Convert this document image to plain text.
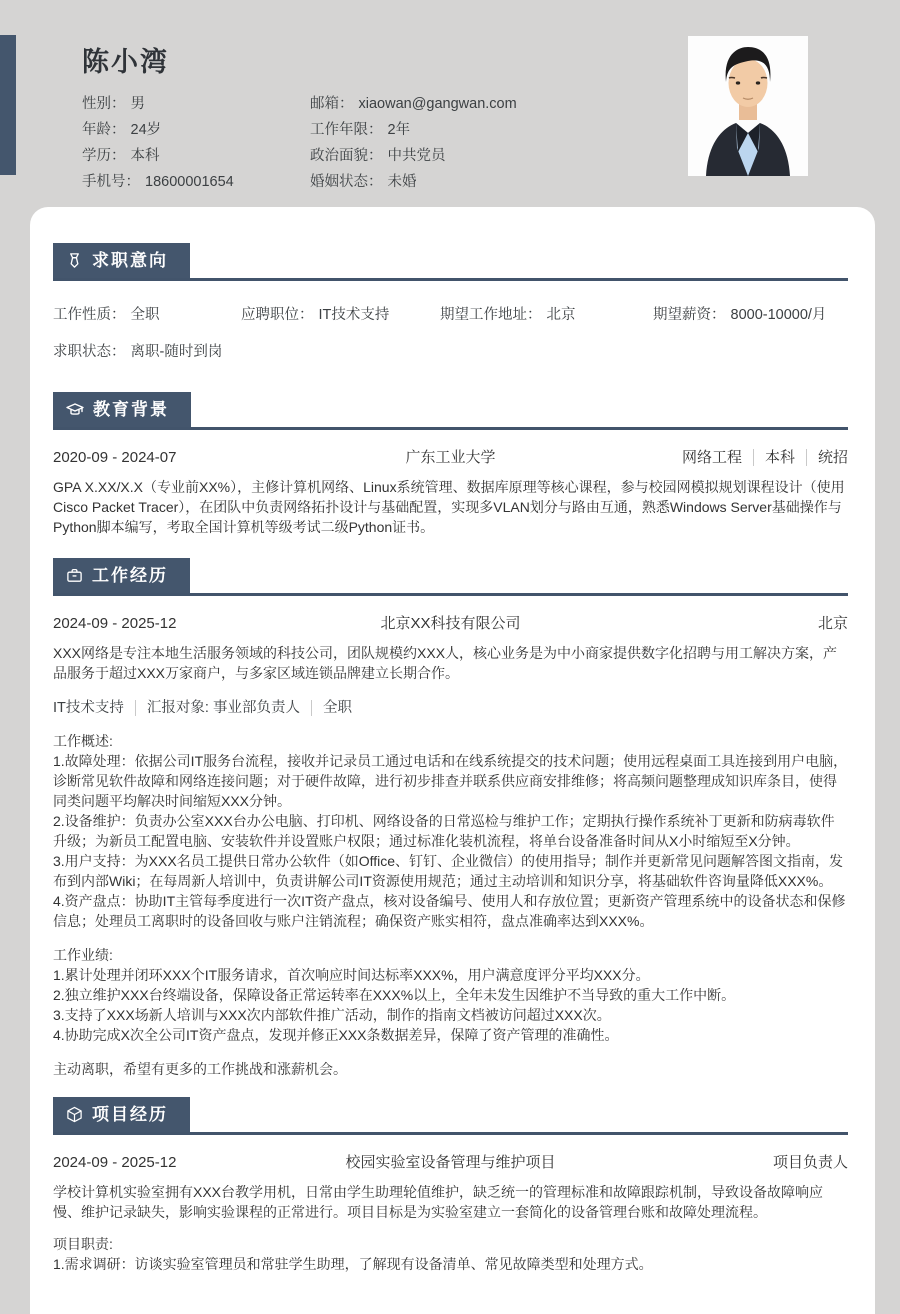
陈小湾
性别： 男	邮箱： xiaowan@gangwan.com
年龄： 24岁	工作年限： 2年
学历： 本科	政治面貌： 中共党员
手机号： 18600001654	婚姻状态： 未婚
求职意向
工作性质： 全职	应聘职位： IT技术支持	期望工作地址： 北京	期望薪资： 8000-10000/月
求职状态： 离职-随时到岗
教育背景
2020-09 - 2024-07	广东工业大学	网络工程 本科 统招
GPA X.XX/X.X（专业前XX%），主修计算机网络、Linux系统管理、数据库原理等核心课程，参与校园网模拟规划课程设计（使用Cisco Packet Tracer），在团队中负责网络拓扑设计与基础配置，实现多VLAN划分与路由互通，熟悉Windows Server基础操作与Python脚本编写，考取全国计算机等级考试二级Python证书。
工作经历
2024-09 - 2025-12	北京XX科技有限公司	北京
XXX网络是专注本地生活服务领域的科技公司，团队规模约XXX人，核心业务是为中小商家提供数字化招聘与用工解决方案，产品服务于超过XXX万家商户，与多家区域连锁品牌建立长期合作。
IT技术支持 汇报对象: 事业部负责人 全职
工作概述:
1.故障处理：依据公司IT服务台流程，接收并记录员工通过电话和在线系统提交的技术问题；使用远程桌面工具连接到用户电脑，诊断常见软件故障和网络连接问题；对于硬件故障，进行初步排查并联系供应商安排维修；将高频问题整理成知识库条目，使得同类问题平均解决时间缩短XXX分钟。
2.设备维护：负责办公室XXX台办公电脑、打印机、网络设备的日常巡检与维护工作；定期执行操作系统补丁更新和防病毒软件升级；为新员工配置电脑、安装软件并设置账户权限；通过标准化装机流程，将单台设备准备时间从X小时缩短至X分钟。
3.用户支持：为XXX名员工提供日常办公软件（如Office、钉钉、企业微信）的使用指导；制作并更新常见问题解答图文指南，发布到内部Wiki；在每周新人培训中，负责讲解公司IT资源使用规范；通过主动培训和知识分享，将基础软件咨询量降低XXX%。
4.资产盘点：协助IT主管每季度进行一次IT资产盘点，核对设备编号、使用人和存放位置；更新资产管理系统中的设备状态和保修信息；处理员工离职时的设备回收与账户注销流程；确保资产账实相符，盘点准确率达到XXX%。
工作业绩:
1.累计处理并闭环XXX个IT服务请求，首次响应时间达标率XXX%，用户满意度评分平均XXX分。
2.独立维护XXX台终端设备，保障设备正常运转率在XXX%以上，全年未发生因维护不当导致的重大工作中断。
3.支持了XXX场新人培训与XXX次内部软件推广活动，制作的指南文档被访问超过XXX次。
4.协助完成X次全公司IT资产盘点，发现并修正XXX条数据差异，保障了资产管理的准确性。
主动离职，希望有更多的工作挑战和涨薪机会。
项目经历
2024-09 - 2025-12	校园实验室设备管理与维护项目	项目负责人
学校计算机实验室拥有XXX台教学用机，日常由学生助理轮值维护，缺乏统一的管理标准和故障跟踪机制，导致设备故障响应慢、维护记录缺失，影响实验课程的正常进行。项目目标是为实验室建立一套简化的设备管理台账和故障处理流程。
项目职责:
1.需求调研：访谈实验室管理员和常驻学生助理，了解现有设备清单、常见故障类型和处理方式。
